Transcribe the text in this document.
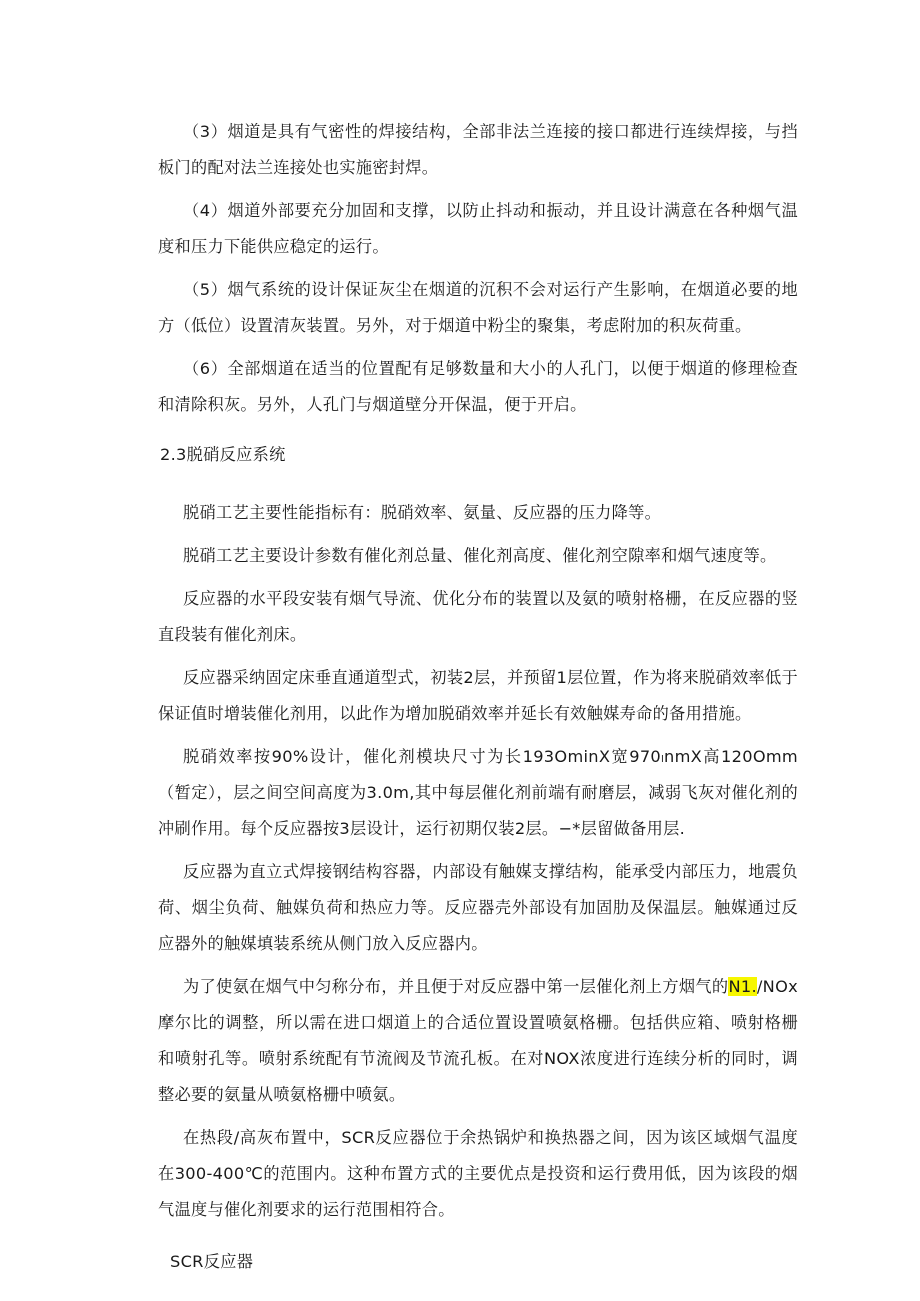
（3）烟道是具有气密性的焊接结构，全部非法兰连接的接口都进行连续焊接，与挡板门的配对法兰连接处也实施密封焊。

（4）烟道外部要充分加固和支撑，以防止抖动和振动，并且设计满意在各种烟气温度和压力下能供应稳定的运行。

（5）烟气系统的设计保证灰尘在烟道的沉积不会对运行产生影响，在烟道必要的地方（低位）设置清灰装置。另外，对于烟道中粉尘的聚集，考虑附加的积灰荷重。

（6）全部烟道在适当的位置配有足够数量和大小的人孔门，以便于烟道的修理检查和清除积灰。另外，人孔门与烟道壁分开保温，便于开启。

2.3脱硝反应系统

脱硝工艺主要性能指标有：脱硝效率、氨量、反应器的压力降等。

脱硝工艺主要设计参数有催化剂总量、催化剂高度、催化剂空隙率和烟气速度等。

反应器的水平段安装有烟气导流、优化分布的装置以及氨的喷射格栅，在反应器的竖直段装有催化剂床。

反应器采纳固定床垂直通道型式，初装2层，并预留1层位置，作为将来脱硝效率低于保证值时增装催化剂用，以此作为增加脱硝效率并延长有效触媒寿命的备用措施。

脱硝效率按90%设计，催化剂模块尺寸为长193OminX宽970ₗnmX高120Omm（暂定），层之间空间高度为3.0m,其中每层催化剂前端有耐磨层，减弱飞灰对催化剂的冲刷作用。每个反应器按3层设计，运行初期仅装2层。−*层留做备用层.

反应器为直立式焊接钢结构容器，内部设有触媒支撑结构，能承受内部压力，地震负荷、烟尘负荷、触媒负荷和热应力等。反应器壳外部设有加固肋及保温层。触媒通过反应器外的触媒填装系统从侧门放入反应器内。

为了使氨在烟气中匀称分布，并且便于对反应器中第一层催化剂上方烟气的N1./NOx摩尔比的调整，所以需在进口烟道上的合适位置设置喷氨格栅。包括供应箱、喷射格栅和喷射孔等。喷射系统配有节流阀及节流孔板。在对NOX浓度进行连续分析的同时，调整必要的氨量从喷氨格栅中喷氨。

在热段/高灰布置中，SCR反应器位于余热锅炉和换热器之间，因为该区域烟气温度在300-400℃的范围内。这种布置方式的主要优点是投资和运行费用低，因为该段的烟气温度与催化剂要求的运行范围相符合。

SCR反应器
